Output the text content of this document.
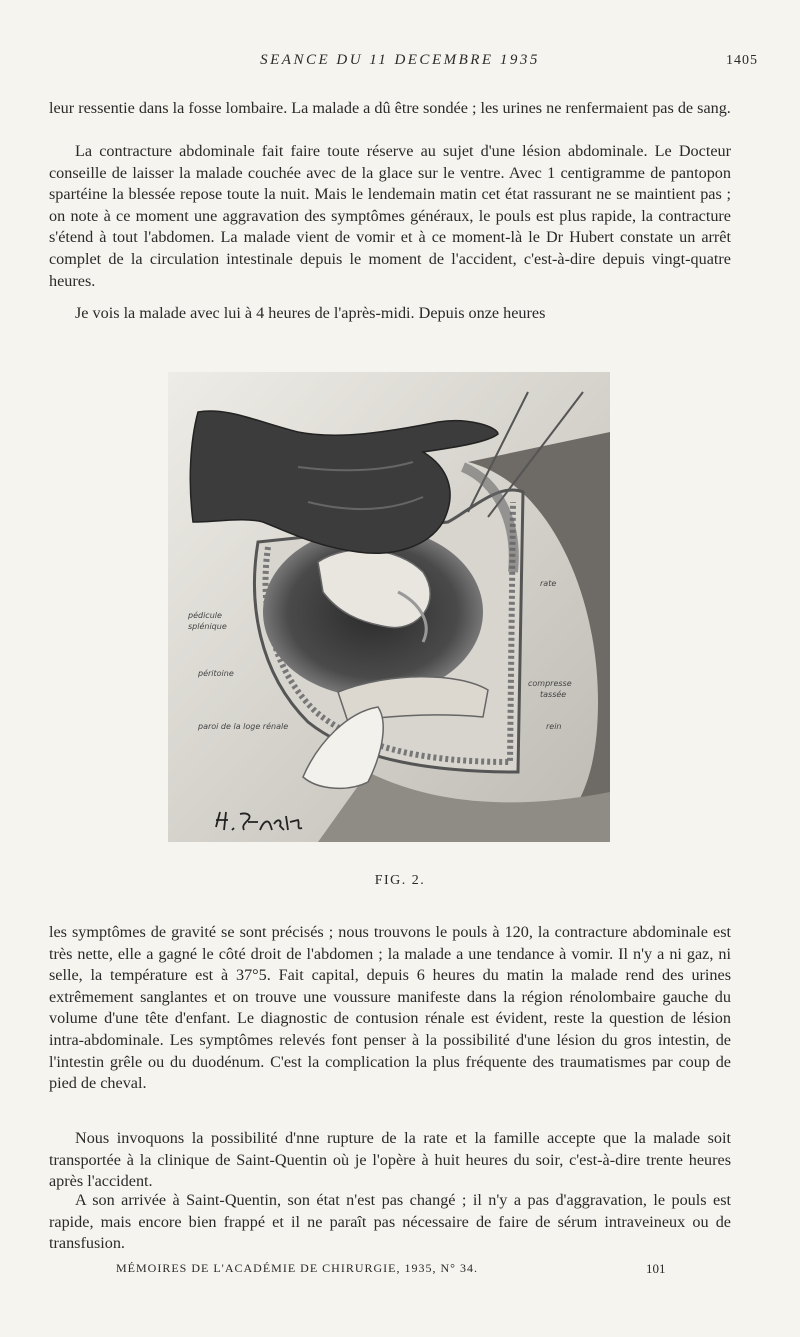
SEANCE DU 11 DECEMBRE 1935	1405

leur ressentie dans la fosse lombaire. La malade a dû être sondée ; les urines ne renfermaient pas de sang.

La contracture abdominale fait faire toute réserve au sujet d'une lésion abdominale. Le Docteur conseille de laisser la malade couchée avec de la glace sur le ventre. Avec 1 centigramme de pantopon spartéine la blessée repose toute la nuit. Mais le lendemain matin cet état rassurant ne se maintient pas ; on note à ce moment une aggravation des symptômes généraux, le pouls est plus rapide, la contracture s'étend à tout l'abdomen. La malade vient de vomir et à ce moment-là le Dr Hubert constate un arrêt complet de la circulation intestinale depuis le moment de l'accident, c'est-à-dire depuis vingt-quatre heures.

Je vois la malade avec lui à 4 heures de l'après-midi. Depuis onze heures

pédicule
splénique
péritoine
paroi de la loge rénale
rate
compresse
tassée
rein
FIG. 2.

les symptômes de gravité se sont précisés ; nous trouvons le pouls à 120, la contracture abdominale est très nette, elle a gagné le côté droit de l'abdomen ; la malade a une tendance à vomir. Il n'y a ni gaz, ni selle, la température est à 37°5. Fait capital, depuis 6 heures du matin la malade rend des urines extrêmement sanglantes et on trouve une voussure manifeste dans la région rénolombaire gauche du volume d'une tête d'enfant. Le diagnostic de contusion rénale est évident, reste la question de lésion intra-abdominale. Les symptômes relevés font penser à la possibilité d'une lésion du gros intestin, de l'intestin grêle ou du duodénum. C'est la complication la plus fréquente des traumatismes par coup de pied de cheval.

Nous invoquons la possibilité d'nne rupture de la rate et la famille accepte que la malade soit transportée à la clinique de Saint-Quentin où je l'opère à huit heures du soir, c'est-à-dire trente heures après l'accident.

A son arrivée à Saint-Quentin, son état n'est pas changé ; il n'y a pas d'aggravation, le pouls est rapide, mais encore bien frappé et il ne paraît pas nécessaire de faire de sérum intraveineux ou de transfusion.

MÉMOIRES DE L'ACADÉMIE DE CHIRURGIE, 1935, N° 34.	101
